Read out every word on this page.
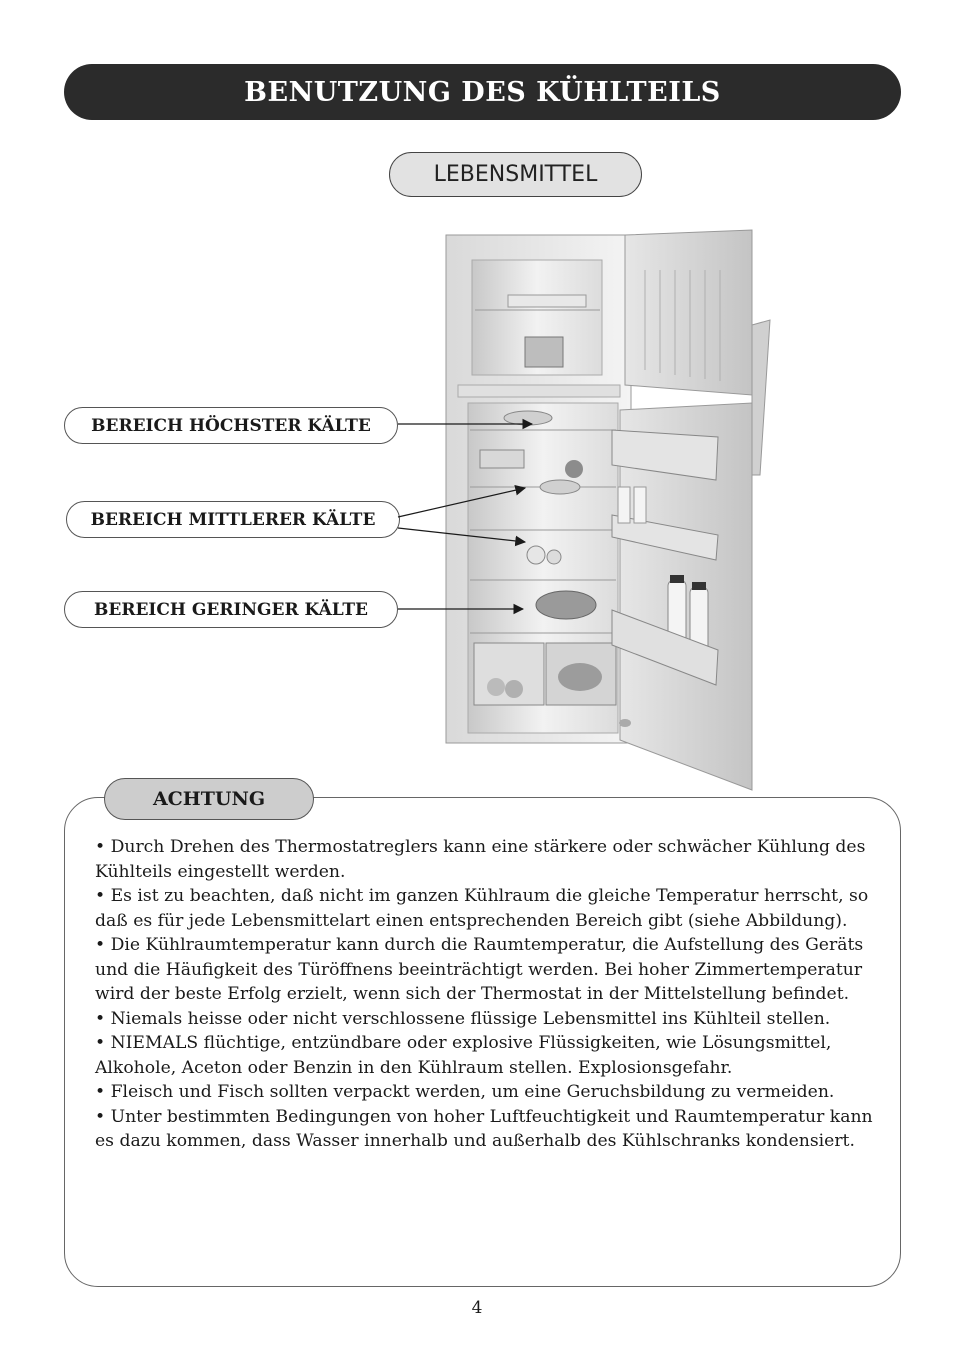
BENUTZUNG DES KÜHLTEILS
LEBENSMITTEL
BEREICH HÖCHSTER KÄLTE
BEREICH MITTLERER KÄLTE
BEREICH GERINGER KÄLTE
ACHTUNG

• Durch Drehen des Thermostatreglers kann eine stärkere oder schwächer Kühlung des Kühlteils eingestellt werden.

• Es ist zu beachten, daß nicht im ganzen Kühlraum die gleiche Temperatur herrscht, so daß es für jede Lebensmittelart einen entsprechenden Bereich gibt (siehe Abbildung).

• Die Kühlraumtemperatur kann durch die Raumtemperatur, die Aufstellung des Geräts und die Häufigkeit des Türöffnens beeinträchtigt werden. Bei hoher Zimmertemperatur wird der beste Erfolg erzielt, wenn sich der Thermostat in der Mittelstellung befindet.

• Niemals heisse oder nicht verschlossene flüssige Lebensmittel ins Kühlteil stellen.

• NIEMALS flüchtige, entzündbare oder explosive Flüssigkeiten, wie Lösungsmittel, Alkohole, Aceton oder Benzin in den Kühlraum stellen. Explosionsgefahr.

• Fleisch und Fisch sollten verpackt werden, um eine Geruchsbildung zu vermeiden.

• Unter bestimmten Bedingungen von hoher Luftfeuchtigkeit und Raumtemperatur kann es dazu kommen, dass Wasser innerhalb und außerhalb des Kühlschranks kondensiert.

4
